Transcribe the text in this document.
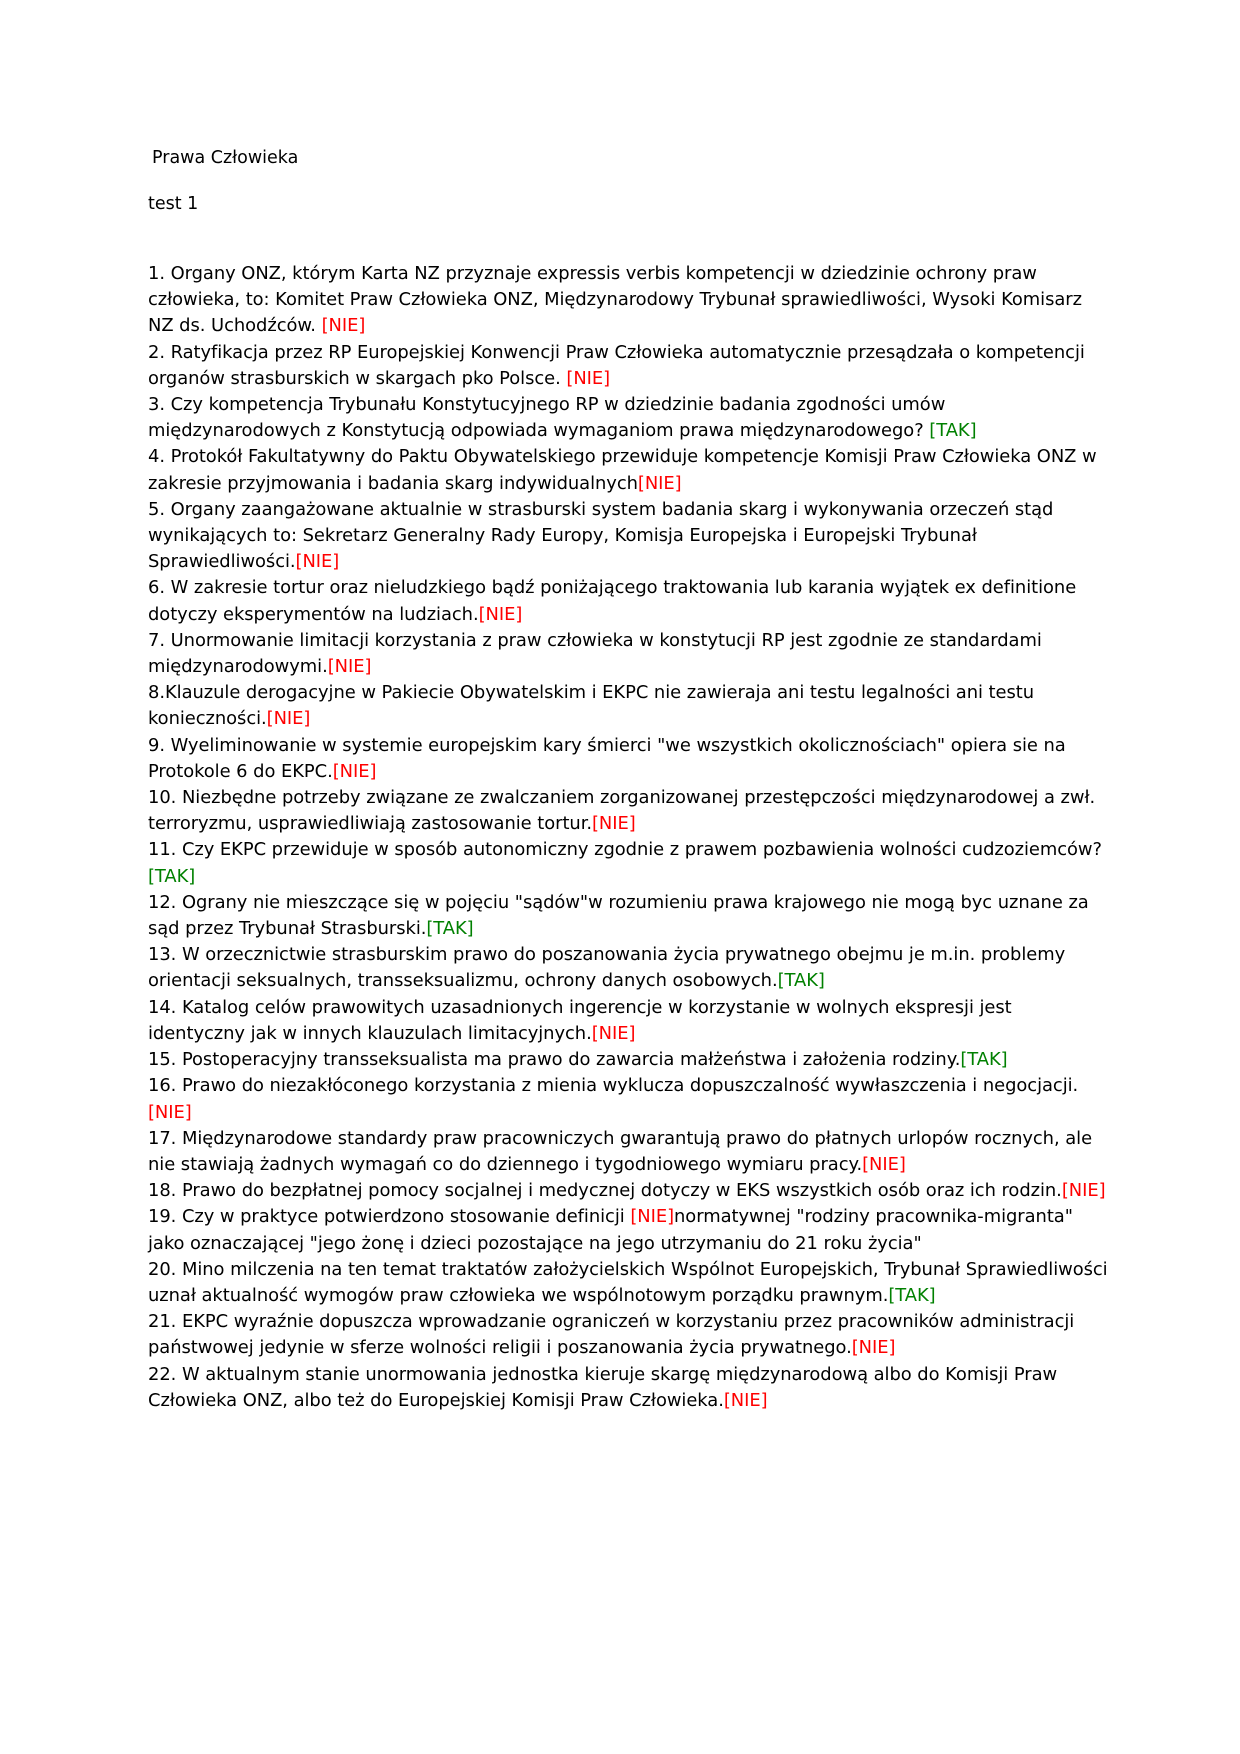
Prawa Człowieka
test 1

1. Organy ONZ, którym Karta NZ przyznaje expressis verbis kompetencji w dziedzinie ochrony praw człowieka, to: Komitet Praw Człowieka ONZ, Międzynarodowy Trybunał sprawiedliwości, Wysoki Komisarz NZ ds. Uchodźców. [NIE]

2. Ratyfikacja przez RP Europejskiej Konwencji Praw Człowieka automatycznie przesądzała o kompetencji organów strasburskich w skargach pko Polsce. [NIE]

3. Czy kompetencja Trybunału Konstytucyjnego RP w dziedzinie badania zgodności umów międzynarodowych z Konstytucją odpowiada wymaganiom prawa międzynarodowego? [TAK]

4. Protokół Fakultatywny do Paktu Obywatelskiego przewiduje kompetencje Komisji Praw Człowieka ONZ w zakresie przyjmowania i badania skarg indywidualnych[NIE]

5. Organy zaangażowane aktualnie w strasburski system badania skarg i wykonywania orzeczeń stąd wynikających to: Sekretarz Generalny Rady Europy, Komisja Europejska i Europejski Trybunał Sprawiedliwości.[NIE]

6. W zakresie tortur oraz nieludzkiego bądź poniżającego traktowania lub karania wyjątek ex definitione dotyczy eksperymentów na ludziach.[NIE]

7. Unormowanie limitacji korzystania z praw człowieka w konstytucji RP jest zgodnie ze standardami międzynarodowymi.[NIE]

8.Klauzule derogacyjne w Pakiecie Obywatelskim i EKPC nie zawieraja ani testu legalności ani testu konieczności.[NIE]

9. Wyeliminowanie w systemie europejskim kary śmierci "we wszystkich okolicznościach" opiera sie na Protokole 6 do EKPC.[NIE]

10. Niezbędne potrzeby związane ze zwalczaniem zorganizowanej przestępczości międzynarodowej a zwł. terroryzmu, usprawiedliwiają zastosowanie tortur.[NIE]

11. Czy EKPC przewiduje w sposób autonomiczny zgodnie z prawem pozbawienia wolności cudzoziemców?[TAK]

12. Ograny nie mieszczące się w pojęciu "sądów"w rozumieniu prawa krajowego nie mogą byc uznane za sąd przez Trybunał Strasburski.[TAK]

13. W orzecznictwie strasburskim prawo do poszanowania życia prywatnego obejmu je m.in. problemy orientacji seksualnych, transseksualizmu, ochrony danych osobowych.[TAK]

14. Katalog celów prawowitych uzasadnionych ingerencje w korzystanie w wolnych ekspresji jest identyczny jak w innych klauzulach limitacyjnych.[NIE]

15. Postoperacyjny transseksualista ma prawo do zawarcia małżeństwa i założenia rodziny.[TAK]

16. Prawo do niezakłóconego korzystania z mienia wyklucza dopuszczalność wywłaszczenia i negocjacji.[NIE]

17. Międzynarodowe standardy praw pracowniczych gwarantują prawo do płatnych urlopów rocznych, ale nie stawiają żadnych wymagań co do dziennego i tygodniowego wymiaru pracy.[NIE]

18. Prawo do bezpłatnej pomocy socjalnej i medycznej dotyczy w EKS wszystkich osób oraz ich rodzin.[NIE]

19. Czy w praktyce potwierdzono stosowanie definicji [NIE]normatywnej "rodziny pracownika-migranta" jako oznaczającej "jego żonę i dzieci pozostające na jego utrzymaniu do 21 roku życia"

20. Mino milczenia na ten temat traktatów założycielskich Wspólnot Europejskich, Trybunał Sprawiedliwości uznał aktualność wymogów praw człowieka we wspólnotowym porządku prawnym.[TAK]

21. EKPC wyraźnie dopuszcza wprowadzanie ograniczeń w korzystaniu przez pracowników administracji państwowej jedynie w sferze wolności religii i poszanowania życia prywatnego.[NIE]

22. W aktualnym stanie unormowania jednostka kieruje skargę międzynarodową albo do Komisji Praw Człowieka ONZ, albo też do Europejskiej Komisji Praw Człowieka.[NIE]
